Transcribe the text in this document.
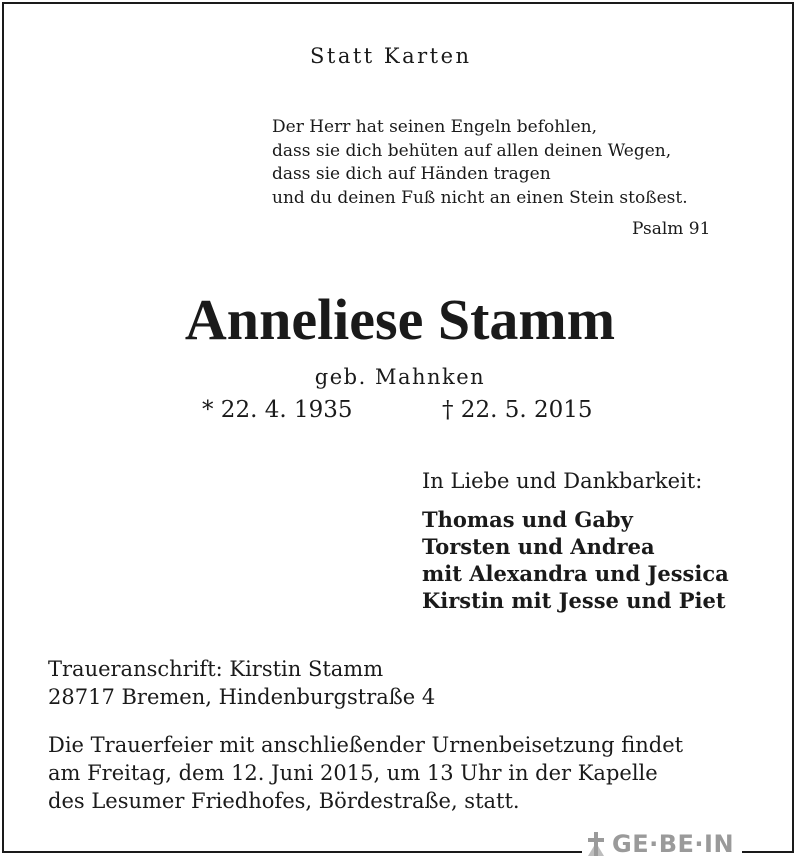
Statt Karten
Der Herr hat seinen Engeln befohlen,
dass sie dich behüten auf allen deinen Wegen,
dass sie dich auf Händen tragen
und du deinen Fuß nicht an einen Stein stoßest.
Psalm 91
Anneliese Stamm
geb. Mahnken
* 22. 4. 1935	† 22. 5. 2015
In Liebe und Dankbarkeit:
Thomas und Gaby
Torsten und Andrea
mit Alexandra und Jessica
Kirstin mit Jesse und Piet
Traueranschrift: Kirstin Stamm
28717 Bremen, Hindenburgstraße 4
Die Trauerfeier mit anschließender Urnenbeisetzung findet
am Freitag, dem 12. Juni 2015, um 13 Uhr in der Kapelle
des Lesumer Friedhofes, Bördestraße, statt.
GE·BE·IN
